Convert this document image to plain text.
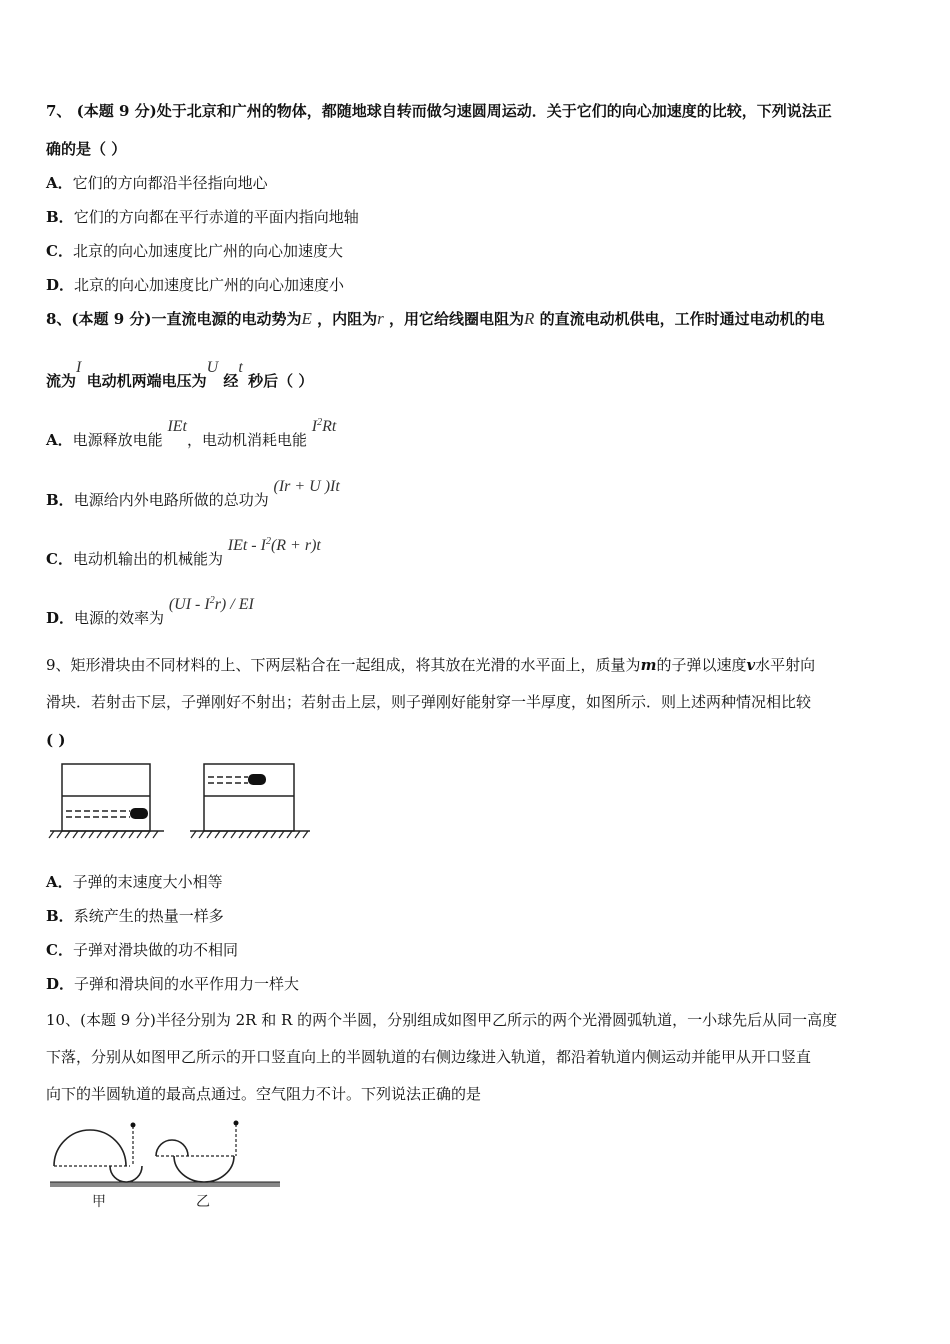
7、 (本题 9 分)处于北京和广州的物体，都随地球自转而做匀速圆周运动．关于它们的向心加速度的比较，下列说法正
确的是（ ）
A．它们的方向都沿半径指向地心
B．它们的方向都在平行赤道的平面内指向地轴
C．北京的向心加速度比广州的向心加速度大
D．北京的向心加速度比广州的向心加速度小
8、(本题 9 分)一直流电源的电动势为E ，内阻为r ，用它给线圈电阻为R 的直流电动机供电，工作时通过电动机的电
流为I 电动机两端电压为U 经t 秒后（ ）
A．电源释放电能 IEt，电动机消耗电能 $I^2Rt$
B．电源给内外电路所做的总功为 (Ir + U )It
C．电动机输出的机械能为 IEt - $I^2(R + r)t$
D．电源的效率为 $(UI - I^2r)$ / EI
9、矩形滑块由不同材料的上、下两层粘合在一起组成，将其放在光滑的水平面上，质量为m的子弹以速度v水平射向
滑块．若射击下层，子弹刚好不射出；若射击上层，则子弹刚好能射穿一半厚度，如图所示．则上述两种情况相比较
( )
A．子弹的末速度大小相等
B．系统产生的热量一样多
C．子弹对滑块做的功不相同
D．子弹和滑块间的水平作用力一样大
10、(本题 9 分)半径分别为 2R 和 R 的两个半圆，分别组成如图甲乙所示的两个光滑圆弧轨道，一小球先后从同一高度
下落，分别从如图甲乙所示的开口竖直向上的半圆轨道的右侧边缘进入轨道，都沿着轨道内侧运动并能甲从开口竖直
向下的半圆轨道的最高点通过。空气阻力不计。下列说法正确的是
甲	乙
